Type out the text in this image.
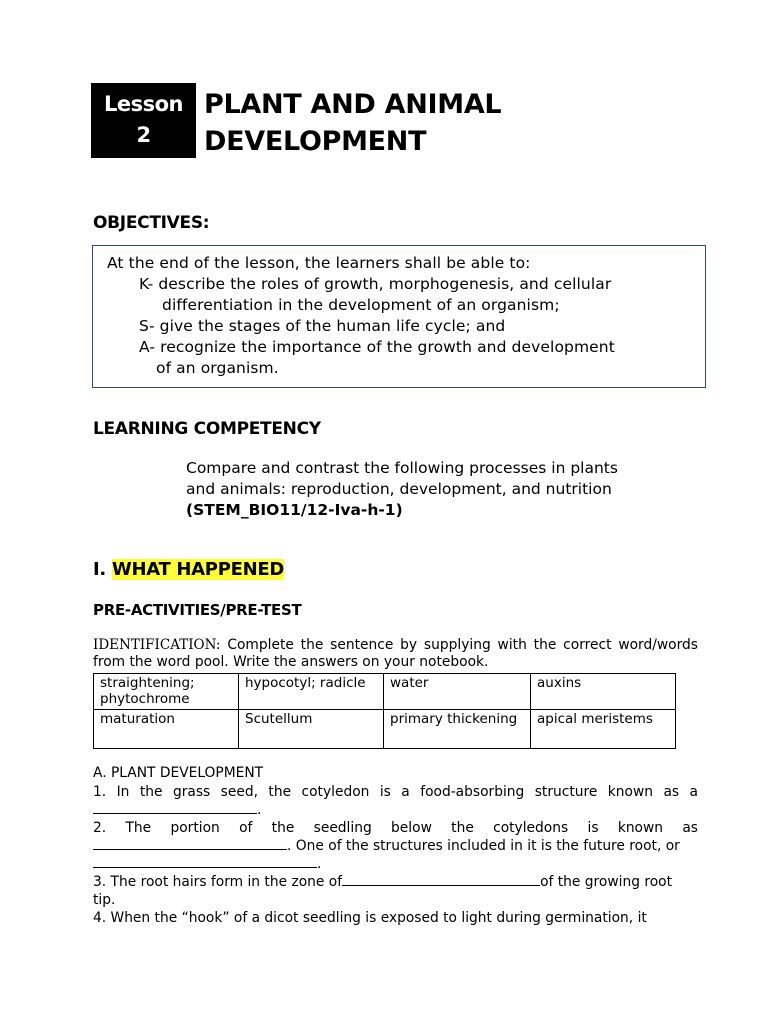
Lesson
2
PLANT AND ANIMAL
DEVELOPMENT
OBJECTIVES:
At the end of the lesson, the learners shall be able to:
K- describe the roles of growth, morphogenesis, and cellular
differentiation in the development of an organism;
S- give the stages of the human life cycle; and
A- recognize the importance of the growth and development
of an organism.
LEARNING COMPETENCY
Compare and contrast the following processes in plants
and animals: reproduction, development, and nutrition
(STEM_BIO11/12-Iva-h-1)
I. WHAT HAPPENED
PRE-ACTIVITIES/PRE-TEST
IDENTIFICATION: Complete the sentence by supplying with the correct word/words from the word pool. Write the answers on your notebook.
straightening; phytochrome	hypocotyl; radicle	water	auxins
maturation	Scutellum	primary thickening	apical meristems
A. PLANT DEVELOPMENT
1. In the grass seed, the cotyledon is a food-absorbing structure known as a
.
2. The portion of the seedling below the cotyledons is known as
. One of the structures included in it is the future root, or
.
3. The root hairs form in the zone of	of the growing root
tip.
4. When the “hook” of a dicot seedling is exposed to light during germination, it
